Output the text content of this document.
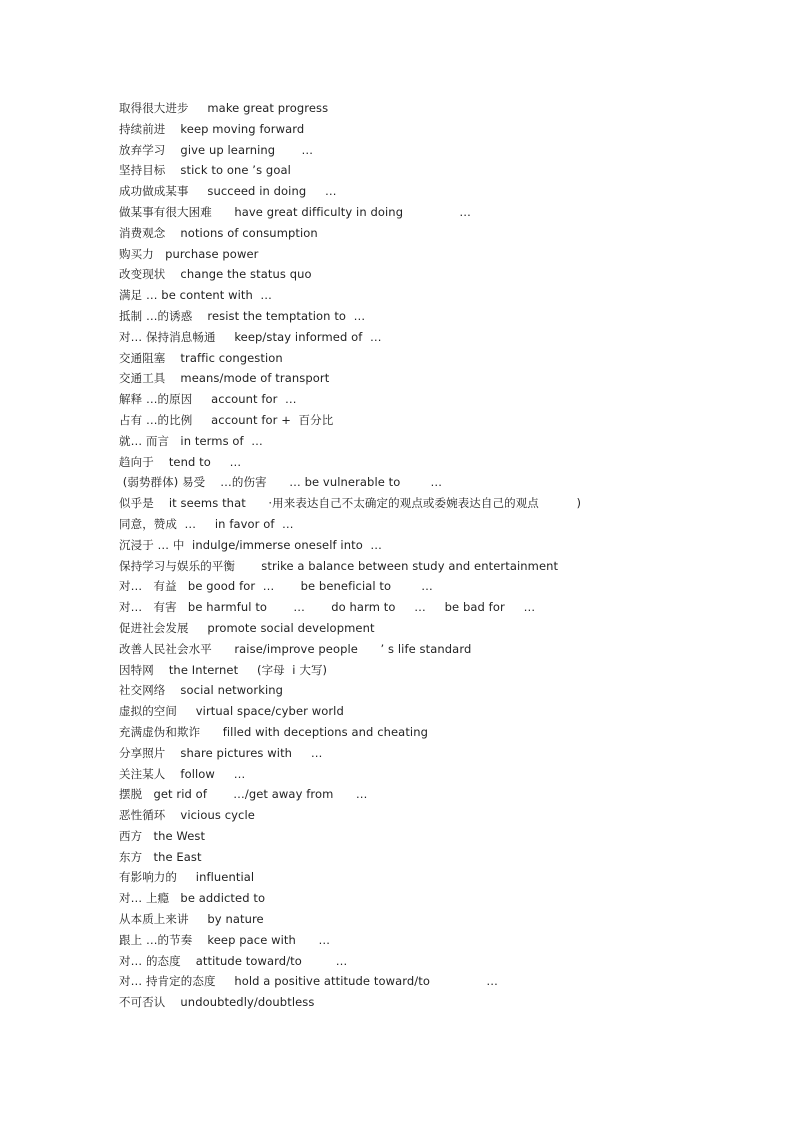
取得很大进步     make great progress
持续前进    keep moving forward
放弃学习    give up learning       …
坚持目标    stick to one ’s goal
成功做成某事     succeed in doing     …
做某事有很大困难      have great difficulty in doing               …
消费观念    notions of consumption
购买力   purchase power
改变现状    change the status quo
满足 … be content with  …
抵制 …的诱惑    resist the temptation to  …
对… 保持消息畅通     keep/stay informed of  …
交通阻塞    traffic congestion
交通工具    means/mode of transport
解释 …的原因     account for  …
占有 …的比例     account for +  百分比
就… 而言   in terms of  …
趋向于    tend to     …
(弱势群体) 易受    …的伤害      … be vulnerable to        …
似乎是    it seems that      ·用来表达自己不太确定的观点或委婉表达自己的观点          )
同意，赞成  …     in favor of  …
沉浸于 … 中  indulge/immerse oneself into  …
保持学习与娱乐的平衡       strike a balance between study and entertainment
对…   有益   be good for  …       be beneficial to        …
对…   有害   be harmful to       …       do harm to     …     be bad for     …
促进社会发展     promote social development
改善人民社会水平      raise/improve people      ’ s life standard
因特网    the Internet     (字母  i 大写)
社交网络    social networking
虚拟的空间     virtual space/cyber world
充满虚伪和欺诈      filled with deceptions and cheating
分享照片    share pictures with     …
关注某人    follow     …
摆脱   get rid of       …/get away from      …
恶性循环    vicious cycle
西方   the West
东方   the East
有影响力的     influential
对… 上瘾   be addicted to
从本质上来讲     by nature
跟上 …的节奏    keep pace with      …
对… 的态度    attitude toward/to         …
对… 持肯定的态度     hold a positive attitude toward/to               …
不可否认    undoubtedly/doubtless
